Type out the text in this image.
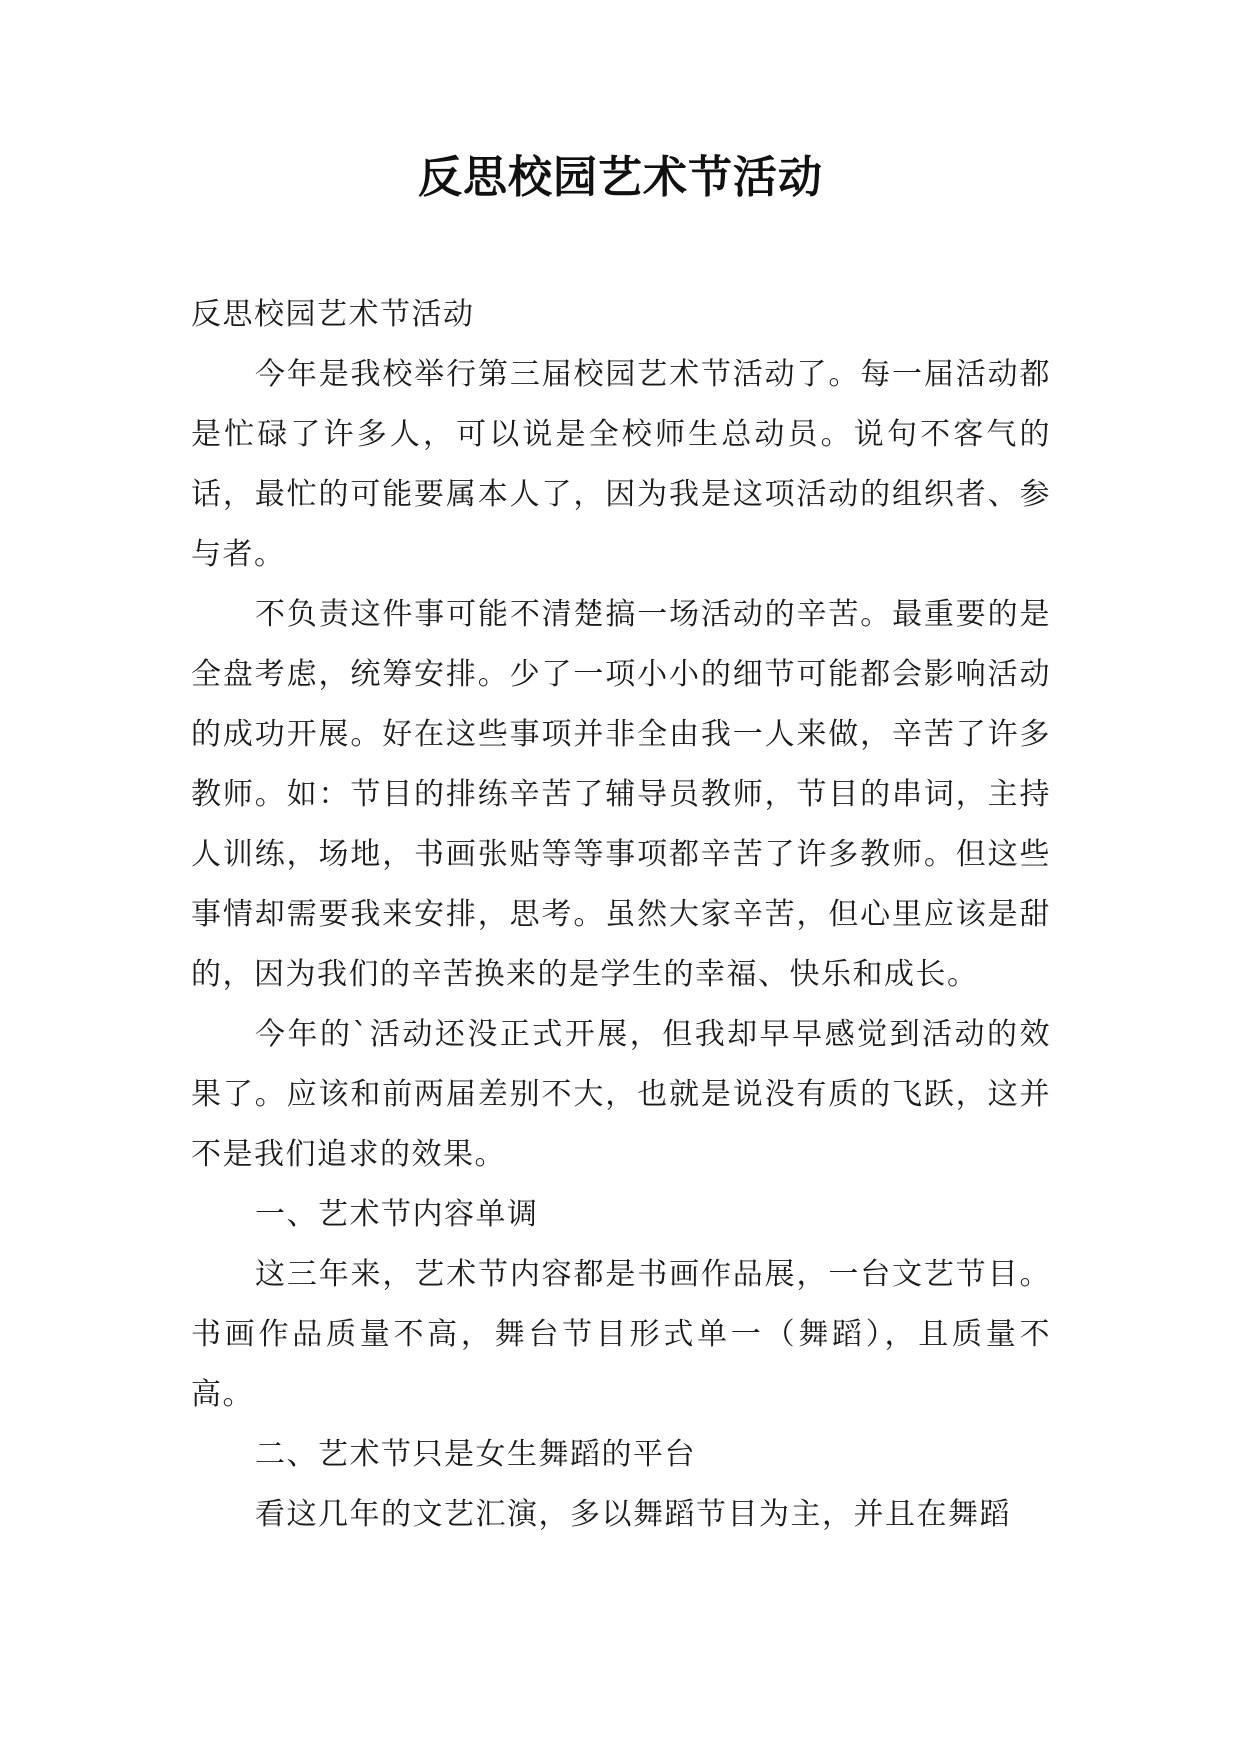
反思校园艺术节活动

反思校园艺术节活动

今年是我校举行第三届校园艺术节活动了。每一届活动都是忙碌了许多人，可以说是全校师生总动员。说句不客气的话，最忙的可能要属本人了，因为我是这项活动的组织者、参与者。

不负责这件事可能不清楚搞一场活动的辛苦。最重要的是全盘考虑，统筹安排。少了一项小小的细节可能都会影响活动的成功开展。好在这些事项并非全由我一人来做，辛苦了许多教师。如：节目的排练辛苦了辅导员教师，节目的串词，主持人训练，场地，书画张贴等等事项都辛苦了许多教师。但这些事情却需要我来安排，思考。虽然大家辛苦，但心里应该是甜的，因为我们的辛苦换来的是学生的幸福、快乐和成长。

今年的`活动还没正式开展，但我却早早感觉到活动的效果了。应该和前两届差别不大，也就是说没有质的飞跃，这并不是我们追求的效果。

一、艺术节内容单调

这三年来，艺术节内容都是书画作品展，一台文艺节目。书画作品质量不高，舞台节目形式单一（舞蹈），且质量不高。

二、艺术节只是女生舞蹈的平台

看这几年的文艺汇演，多以舞蹈节目为主，并且在舞蹈
